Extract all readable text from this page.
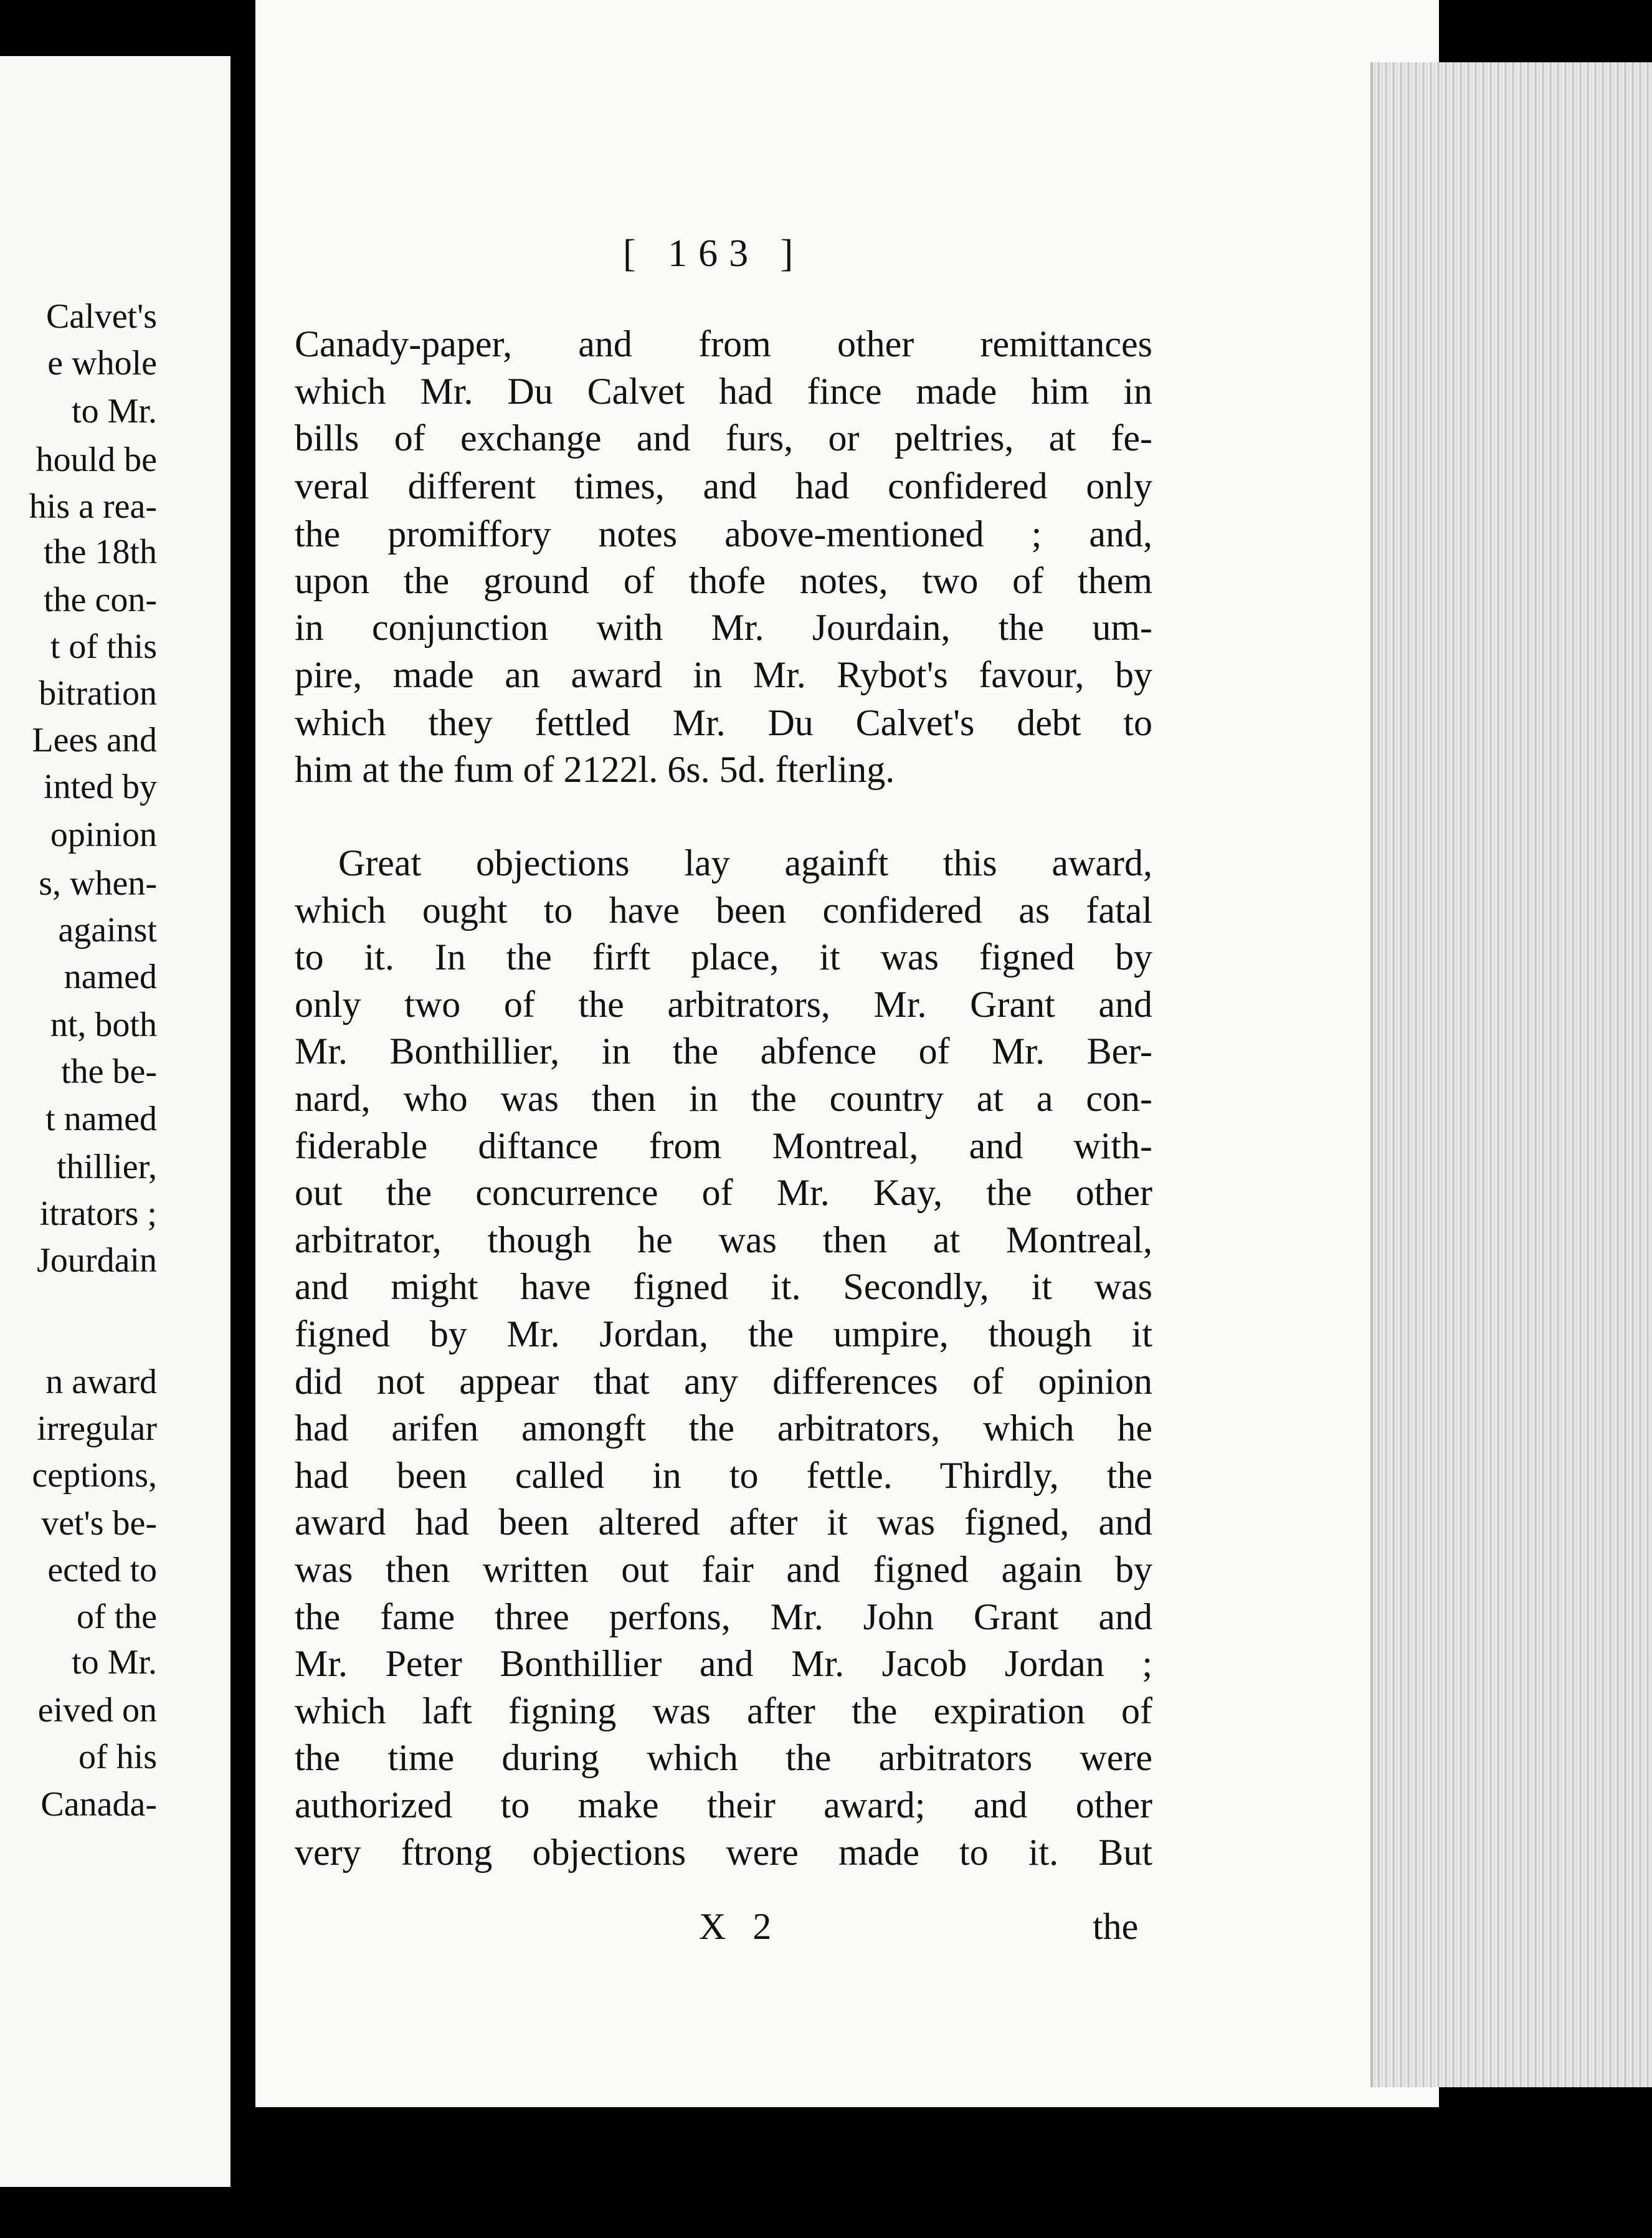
Calvet's
e whole
to Mr.
hould be
his a rea-
the 18th
the con-
t of this
bitration
Lees and
inted by
opinion
s, when-
against
named
nt, both
the be-
t named
thillier,
itrators ;
Jourdain
n award
irregular
ceptions,
vet's be-
ected to
of the
to Mr.
eived on
of his
Canada-
[ 163 ]
X 2	the
Canady-paper, and from other remittances
which Mr. Du Calvet had fince made him in
bills of exchange and furs, or peltries, at fe-
veral different times, and had confidered only
the promiffory notes above-mentioned ; and,
upon the ground of thofe notes, two of them
in conjunction with Mr. Jourdain, the um-
pire, made an award in Mr. Rybot's favour, by
which they fettled Mr. Du Calvet's debt to
him at the fum of 2122l. 6s. 5d. fterling.
Great objections lay againft this award,
which ought to have been confidered as fatal
to it. In the firft place, it was figned by
only two of the arbitrators, Mr. Grant and
Mr. Bonthillier, in the abfence of Mr. Ber-
nard, who was then in the country at a con-
fiderable diftance from Montreal, and with-
out the concurrence of Mr. Kay, the other
arbitrator, though he was then at Montreal,
and might have figned it. Secondly, it was
figned by Mr. Jordan, the umpire, though it
did not appear that any differences of opinion
had arifen amongft the arbitrators, which he
had been called in to fettle. Thirdly, the
award had been altered after it was figned, and
was then written out fair and figned again by
the fame three perfons, Mr. John Grant and
Mr. Peter Bonthillier and Mr. Jacob Jordan ;
which laft figning was after the expiration of
the time during which the arbitrators were
authorized to make their award; and other
very ftrong objections were made to it. But
